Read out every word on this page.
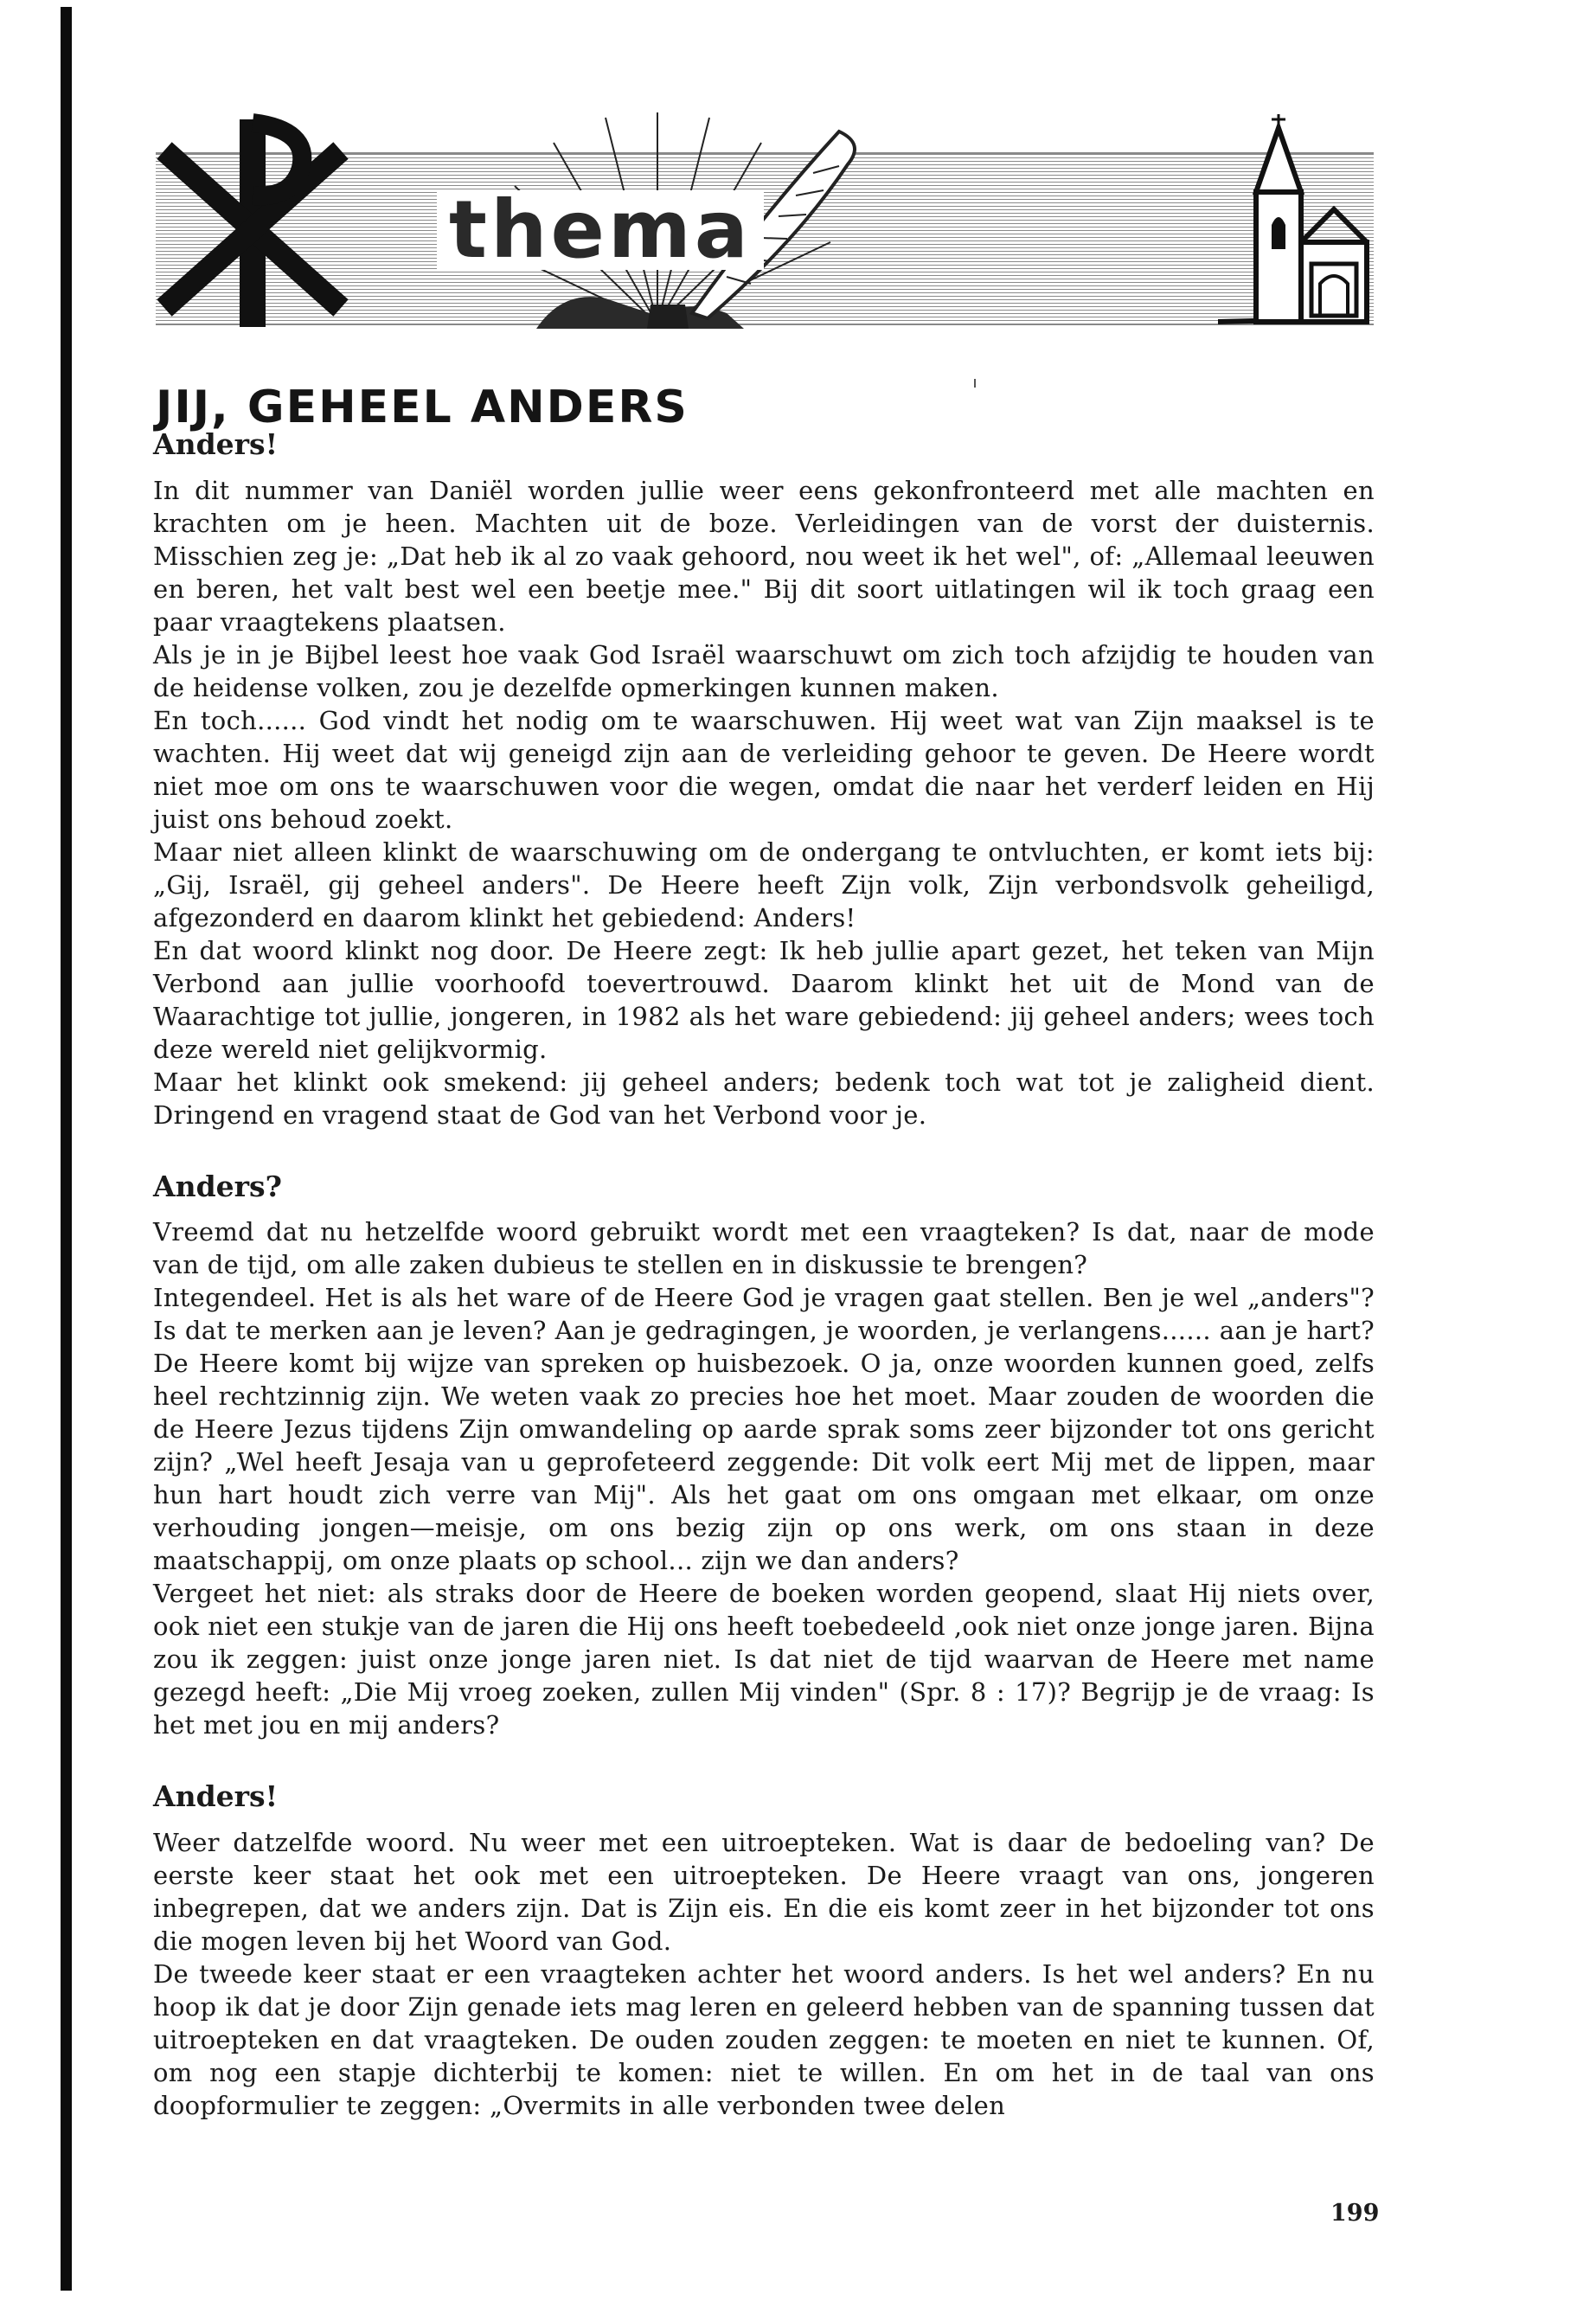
thema
JIJ, GEHEEL ANDERS
Anders!

In dit nummer van Daniël worden jullie weer eens gekonfronteerd met alle machten en krachten om je heen. Machten uit de boze. Verleidingen van de vorst der duisternis. Misschien zeg je: „Dat heb ik al zo vaak gehoord, nou weet ik het wel", of: „Allemaal leeuwen en beren, het valt best wel een beetje mee." Bij dit soort uitlatingen wil ik toch graag een paar vraagtekens plaatsen.

Als je in je Bijbel leest hoe vaak God Israël waarschuwt om zich toch afzijdig te houden van de heidense volken, zou je dezelfde opmerkingen kunnen maken.

En toch...... God vindt het nodig om te waarschuwen. Hij weet wat van Zijn maaksel is te wachten. Hij weet dat wij geneigd zijn aan de verleiding gehoor te geven. De Heere wordt niet moe om ons te waarschuwen voor die wegen, omdat die naar het verderf leiden en Hij juist ons behoud zoekt.

Maar niet alleen klinkt de waarschuwing om de ondergang te ontvluchten, er komt iets bij: „Gij, Israël, gij geheel anders". De Heere heeft Zijn volk, Zijn verbondsvolk geheiligd, afgezonderd en daarom klinkt het gebiedend: Anders!

En dat woord klinkt nog door. De Heere zegt: Ik heb jullie apart gezet, het teken van Mijn Verbond aan jullie voorhoofd toevertrouwd. Daarom klinkt het uit de Mond van de Waarachtige tot jullie, jongeren, in 1982 als het ware gebiedend: jij geheel anders; wees toch deze wereld niet gelijkvormig.

Maar het klinkt ook smekend: jij geheel anders; bedenk toch wat tot je zaligheid dient. Dringend en vragend staat de God van het Verbond voor je.

Anders?

Vreemd dat nu hetzelfde woord gebruikt wordt met een vraagteken? Is dat, naar de mode van de tijd, om alle zaken dubieus te stellen en in diskussie te brengen?

Integendeel. Het is als het ware of de Heere God je vragen gaat stellen. Ben je wel „anders"? Is dat te merken aan je leven? Aan je gedragingen, je woorden, je verlangens...... aan je hart? De Heere komt bij wijze van spreken op huisbezoek. O ja, onze woorden kunnen goed, zelfs heel rechtzinnig zijn. We weten vaak zo precies hoe het moet. Maar zouden de woorden die de Heere Jezus tijdens Zijn omwandeling op aarde sprak soms zeer bijzonder tot ons gericht zijn? „Wel heeft Jesaja van u geprofeteerd zeggende: Dit volk eert Mij met de lippen, maar hun hart houdt zich verre van Mij". Als het gaat om ons omgaan met elkaar, om onze verhouding jongen—meisje, om ons bezig zijn op ons werk, om ons staan in deze maatschappij, om onze plaats op school... zijn we dan anders?

Vergeet het niet: als straks door de Heere de boeken worden geopend, slaat Hij niets over, ook niet een stukje van de jaren die Hij ons heeft toebedeeld ,ook niet onze jonge jaren. Bijna zou ik zeggen: juist onze jonge jaren niet. Is dat niet de tijd waarvan de Heere met name gezegd heeft: „Die Mij vroeg zoeken, zullen Mij vinden" (Spr. 8 : 17)? Begrijp je de vraag: Is het met jou en mij anders?

Anders!

Weer datzelfde woord. Nu weer met een uitroepteken. Wat is daar de bedoeling van? De eerste keer staat het ook met een uitroepteken. De Heere vraagt van ons, jongeren inbegrepen, dat we anders zijn. Dat is Zijn eis. En die eis komt zeer in het bijzonder tot ons die mogen leven bij het Woord van God.

De tweede keer staat er een vraagteken achter het woord anders. Is het wel anders? En nu hoop ik dat je door Zijn genade iets mag leren en geleerd hebben van de spanning tussen dat uitroepteken en dat vraagteken. De ouden zouden zeggen: te moeten en niet te kunnen. Of, om nog een stapje dichterbij te komen: niet te willen. En om het in de taal van ons doopformulier te zeggen: „Overmits in alle verbonden twee delen

199
